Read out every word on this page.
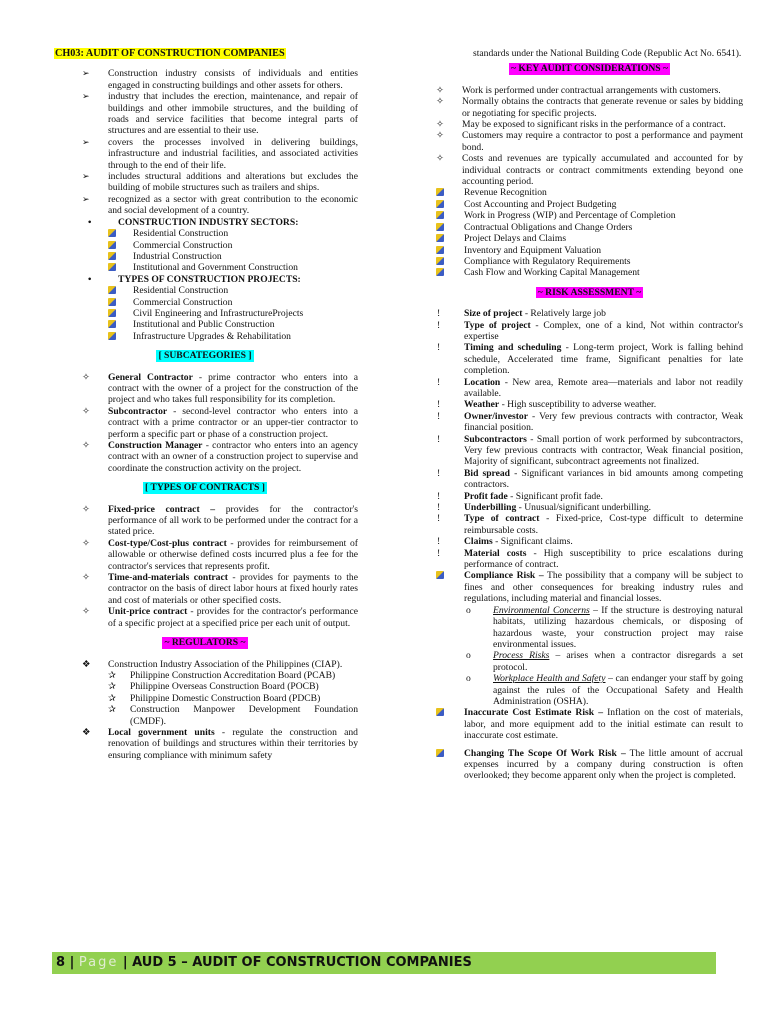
CH03: AUDIT OF CONSTRUCTION COMPANIES
➢	Construction industry consists of individuals and entities engaged in constructing buildings and other assets for others.
➢	industry that includes the erection, maintenance, and repair of buildings and other immobile structures, and the building of roads and service facilities that become integral parts of structures and are essential to their use.
➢	covers the processes involved in delivering buildings, infrastructure and industrial facilities, and associated activities through to the end of their life.
➢	includes structural additions and alterations but excludes the building of mobile structures such as trailers and ships.
➢	recognized as a sector with great contribution to the economic and social development of a country.
•	CONSTRUCTION INDUSTRY SECTORS:
Residential Construction
Commercial Construction
Industrial Construction
Institutional and Government Construction
•	TYPES OF CONSTRUCTION PROJECTS:
Residential Construction
Commercial Construction
Civil Engineering and InfrastructureProjects
Institutional and Public Construction
Infrastructure Upgrades & Rehabilitation
[ SUBCATEGORIES ]
✧	General Contractor - prime contractor who enters into a contract with the owner of a project for the construction of the project and who takes full responsibility for its completion.
✧	Subcontractor - second-level contractor who enters into a contract with a prime contractor or an upper-tier contractor to perform a specific part or phase of a construction project.
✧	Construction Manager - contractor who enters into an agency contract with an owner of a construction project to supervise and coordinate the construction activity on the project.
[ TYPES OF CONTRACTS ]
✧	Fixed-price contract – provides for the contractor's performance of all work to be performed under the contract for a stated price.
✧	Cost-type/Cost-plus contract - provides for reimbursement of allowable or otherwise defined costs incurred plus a fee for the contractor's services that represents profit.
✧	Time-and-materials contract - provides for payments to the contractor on the basis of direct labor hours at fixed hourly rates and cost of materials or other specified costs.
✧	Unit-price contract - provides for the contractor's performance of a specific project at a specified price per each unit of output.
~ REGULATORS ~
❖	Construction Industry Association of the Philippines (CIAP).
✰	Philippine Construction Accreditation Board (PCAB)
✰	Philippine Overseas Construction Board (POCB)
✰	Philippine Domestic Construction Board (PDCB)
✰	Construction Manpower Development Foundation (CMDF).
❖	Local government units - regulate the construction and renovation of buildings and structures within their territories by ensuring compliance with minimum safety
standards under the National Building Code (Republic Act No. 6541).
~ KEY AUDIT CONSIDERATIONS ~
✧	Work is performed under contractual arrangements with customers.
✧	Normally obtains the contracts that generate revenue or sales by bidding or negotiating for specific projects.
✧	May be exposed to significant risks in the performance of a contract.
✧	Customers may require a contractor to post a performance and payment bond.
✧	Costs and revenues are typically accumulated and accounted for by individual contracts or contract commitments extending beyond one accounting period.
Revenue Recognition
Cost Accounting and Project Budgeting
Work in Progress (WIP) and Percentage of Completion
Contractual Obligations and Change Orders
Project Delays and Claims
Inventory and Equipment Valuation
Compliance with Regulatory Requirements
Cash Flow and Working Capital Management
~ RISK ASSESSMENT ~
!	Size of project - Relatively large job
!	Type of project - Complex, one of a kind, Not within contractor's expertise
!	Timing and scheduling - Long-term project, Work is falling behind schedule, Accelerated time frame, Significant penalties for late completion.
!	Location - New area, Remote area—materials and labor not readily available.
!	Weather - High susceptibility to adverse weather.
!	Owner/investor - Very few previous contracts with contractor, Weak financial position.
!	Subcontractors - Small portion of work performed by subcontractors, Very few previous contracts with contractor, Weak financial position, Majority of significant, subcontract agreements not finalized.
!	Bid spread - Significant variances in bid amounts among competing contractors.
!	Profit fade - Significant profit fade.
!	Underbilling - Unusual/significant underbilling.
!	Type of contract - Fixed-price, Cost-type difficult to determine reimbursable costs.
!	Claims - Significant claims.
!	Material costs - High susceptibility to price escalations during performance of contract.
Compliance Risk – The possibility that a company will be subject to fines and other consequences for breaking industry rules and regulations, including material and financial losses.
o	Environmental Concerns – If the structure is destroying natural habitats, utilizing hazardous chemicals, or disposing of hazardous waste, your construction project may raise environmental issues.
o	Process Risks – arises when a contractor disregards a set protocol.
o	Workplace Health and Safety – can endanger your staff by going against the rules of the Occupational Safety and Health Administration (OSHA).
Inaccurate Cost Estimate Risk – Inflation on the cost of materials, labor, and more equipment add to the initial estimate can result to inaccurate cost estimate.
Changing The Scope Of Work Risk – The little amount of accrual expenses incurred by a company during construction is often overlooked; they become apparent only when the project is completed.
8 | Page | AUD 5 – AUDIT OF CONSTRUCTION COMPANIES
